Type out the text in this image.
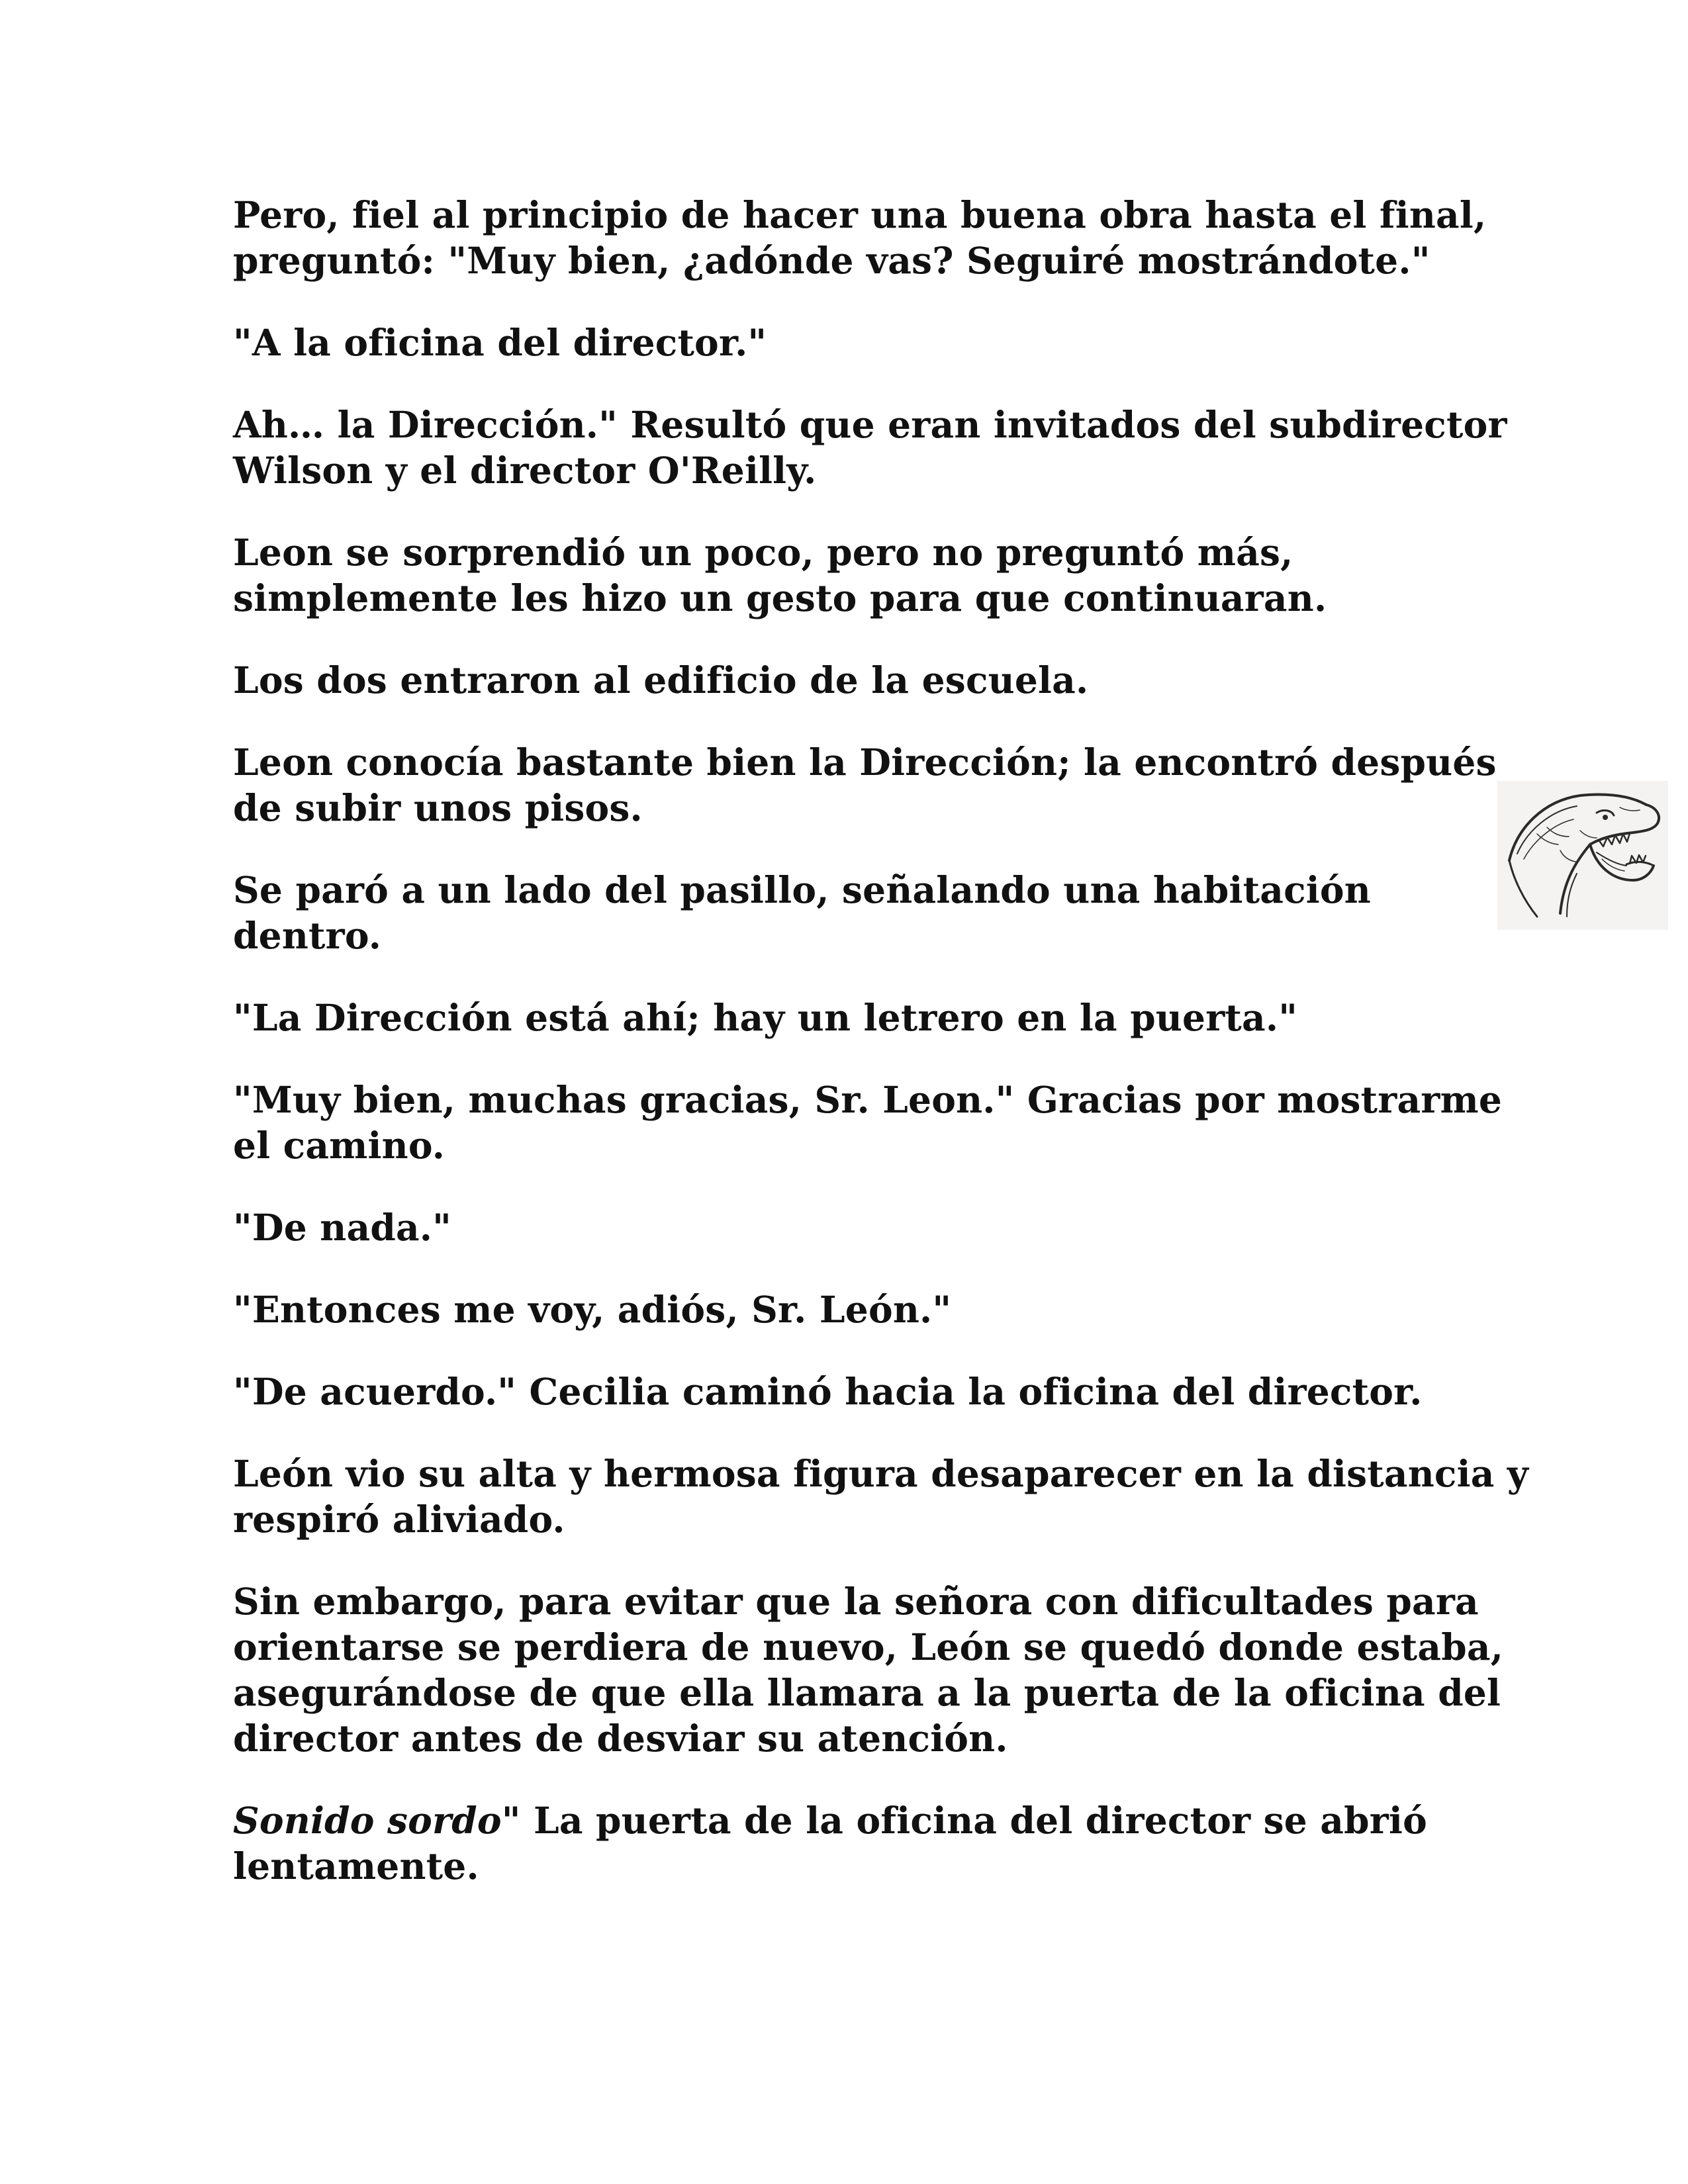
Pero, fiel al principio de hacer una buena obra hasta el final,
preguntó: "Muy bien, ¿adónde vas? Seguiré mostrándote."

"A la oficina del director."

Ah… la Dirección." Resultó que eran invitados del subdirector
Wilson y el director O'Reilly.

Leon se sorprendió un poco, pero no preguntó más,
simplemente les hizo un gesto para que continuaran.

Los dos entraron al edificio de la escuela.

Leon conocía bastante bien la Dirección; la encontró después
de subir unos pisos.

Se paró a un lado del pasillo, señalando una habitación
dentro.

"La Dirección está ahí; hay un letrero en la puerta."

"Muy bien, muchas gracias, Sr. Leon." Gracias por mostrarme
el camino.

"De nada."

"Entonces me voy, adiós, Sr. León."

"De acuerdo." Cecilia caminó hacia la oficina del director.

León vio su alta y hermosa figura desaparecer en la distancia y
respiró aliviado.

Sin embargo, para evitar que la señora con dificultades para
orientarse se perdiera de nuevo, León se quedó donde estaba,
asegurándose de que ella llamara a la puerta de la oficina del
director antes de desviar su atención.

Sonido sordo" La puerta de la oficina del director se abrió
lentamente.
